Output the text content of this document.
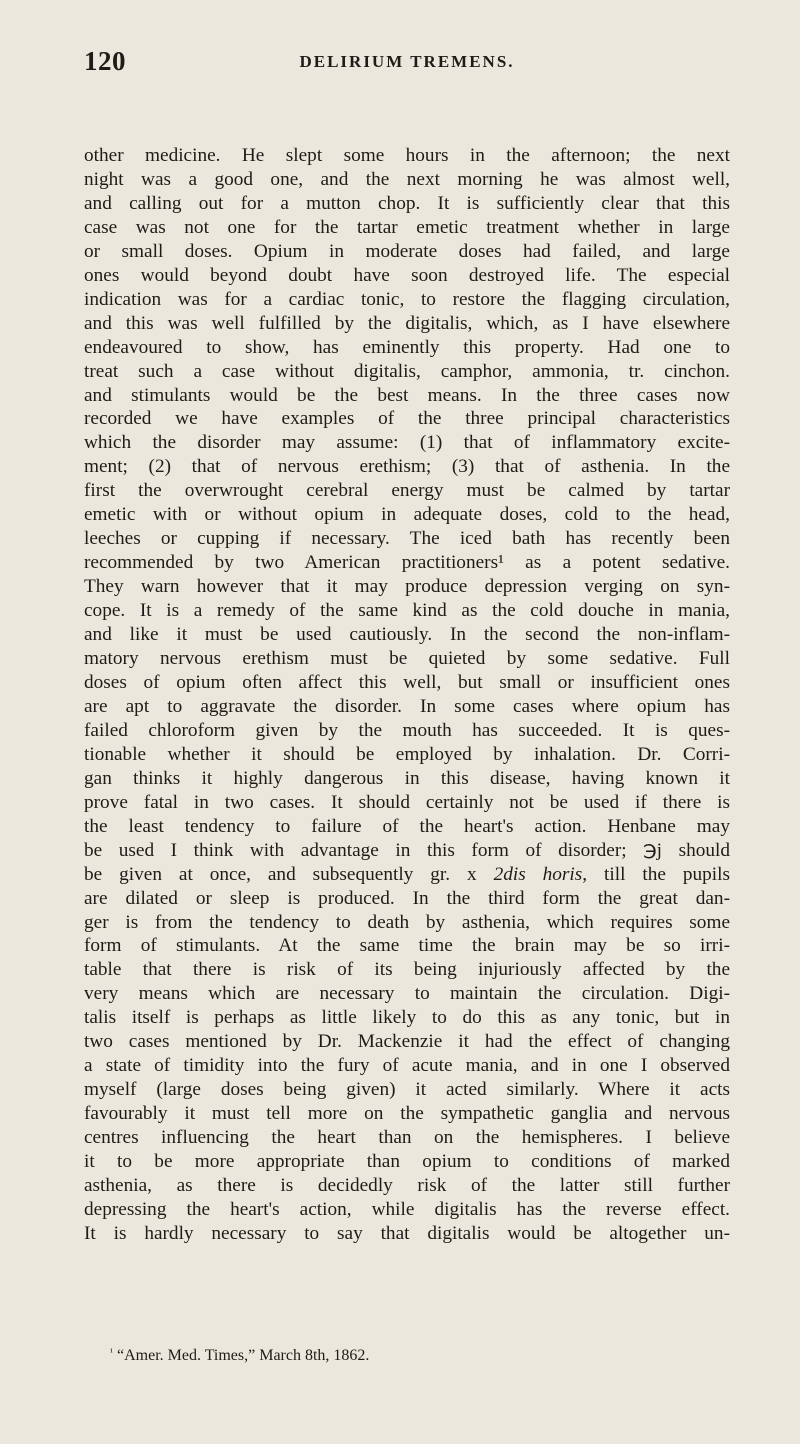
120	DELIRIUM TREMENS.
other medicine. He slept some hours in the afternoon; the next
night was a good one, and the next morning he was almost well,
and calling out for a mutton chop. It is sufficiently clear that this
case was not one for the tartar emetic treatment whether in large
or small doses. Opium in moderate doses had failed, and large
ones would beyond doubt have soon destroyed life. The especial
indication was for a cardiac tonic, to restore the flagging circulation,
and this was well fulfilled by the digitalis, which, as I have elsewhere
endeavoured to show, has eminently this property. Had one to
treat such a case without digitalis, camphor, ammonia, tr. cinchon.
and stimulants would be the best means. In the three cases now
recorded we have examples of the three principal characteristics
which the disorder may assume: (1) that of inflammatory excite-
ment; (2) that of nervous erethism; (3) that of asthenia. In the
first the overwrought cerebral energy must be calmed by tartar
emetic with or without opium in adequate doses, cold to the head,
leeches or cupping if necessary. The iced bath has recently been
recommended by two American practitioners¹ as a potent sedative.
They warn however that it may produce depression verging on syn-
cope. It is a remedy of the same kind as the cold douche in mania,
and like it must be used cautiously. In the second the non-inflam-
matory nervous erethism must be quieted by some sedative. Full
doses of opium often affect this well, but small or insufficient ones
are apt to aggravate the disorder. In some cases where opium has
failed chloroform given by the mouth has succeeded. It is ques-
tionable whether it should be employed by inhalation. Dr. Corri-
gan thinks it highly dangerous in this disease, having known it
prove fatal in two cases. It should certainly not be used if there is
the least tendency to failure of the heart's action. Henbane may
be used I think with advantage in this form of disorder; ℈j should
be given at once, and subsequently gr. x 2dis horis, till the pupils
are dilated or sleep is produced. In the third form the great dan-
ger is from the tendency to death by asthenia, which requires some
form of stimulants. At the same time the brain may be so irri-
table that there is risk of its being injuriously affected by the
very means which are necessary to maintain the circulation. Digi-
talis itself is perhaps as little likely to do this as any tonic, but in
two cases mentioned by Dr. Mackenzie it had the effect of changing
a state of timidity into the fury of acute mania, and in one I observed
myself (large doses being given) it acted similarly. Where it acts
favourably it must tell more on the sympathetic ganglia and nervous
centres influencing the heart than on the hemispheres. I believe
it to be more appropriate than opium to conditions of marked
asthenia, as there is decidedly risk of the latter still further
depressing the heart's action, while digitalis has the reverse effect.
It is hardly necessary to say that digitalis would be altogether un-
$^{^1}$ “Amer. Med. Times,” March 8th, 1862.
